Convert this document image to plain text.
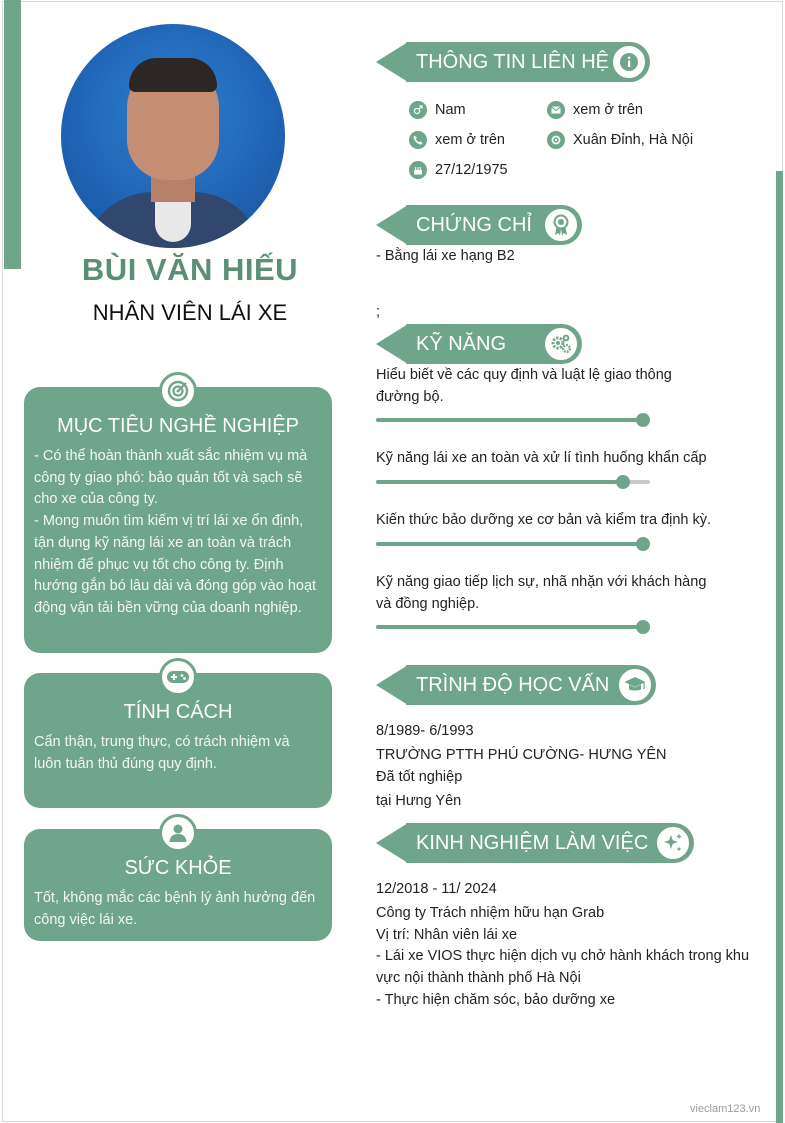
BÙI VĂN HIẾU
NHÂN VIÊN LÁI XE
MỤC TIÊU NGHỀ NGHIỆP
- Có thể hoàn thành xuất sắc nhiệm vụ mà
công ty giao phó: bảo quản tốt và sạch sẽ
cho xe của công ty.
- Mong muốn tìm kiếm vị trí lái xe ổn định,
tận dụng kỹ năng lái xe an toàn và trách
nhiệm để phục vụ tốt cho công ty. Định
hướng gắn bó lâu dài và đóng góp vào hoạt
động vận tải bền vững của doanh nghiệp.
TÍNH CÁCH
Cẩn thận, trung thực, có trách nhiệm và
luôn tuân thủ đúng quy định.
SỨC KHỎE
Tốt, không mắc các bệnh lý ảnh hưởng đến
công việc lái xe.
THÔNG TIN LIÊN HỆ
Nam	xem ở trên
xem ở trên	Xuân Đỉnh, Hà Nội
27/12/1975
CHỨNG CHỈ
- Bằng lái xe hạng B2
;
KỸ NĂNG
Hiểu biết về các quy định và luật lệ giao thông
đường bộ.
Kỹ năng lái xe an toàn và xử lí tình huống khẩn cấp
Kiến thức bảo dưỡng xe cơ bản và kiểm tra định kỳ.
Kỹ năng giao tiếp lịch sự, nhã nhặn với khách hàng
và đồng nghiệp.
TRÌNH ĐỘ HỌC VẤN
8/1989- 6/1993
TRƯỜNG PTTH PHÚ CƯỜNG- HƯNG YÊN
Đã tốt nghiệp
tại Hưng Yên
KINH NGHIỆM LÀM VIỆC
12/2018 - 11/ 2024
Công ty Trách nhiệm hữu hạn Grab
Vị trí: Nhân viên lái xe
- Lái xe VIOS thực hiện dịch vụ chở hành khách trong khu
vực nội thành thành phố Hà Nội
- Thực hiện chăm sóc, bảo dưỡng xe
vieclam123.vn
